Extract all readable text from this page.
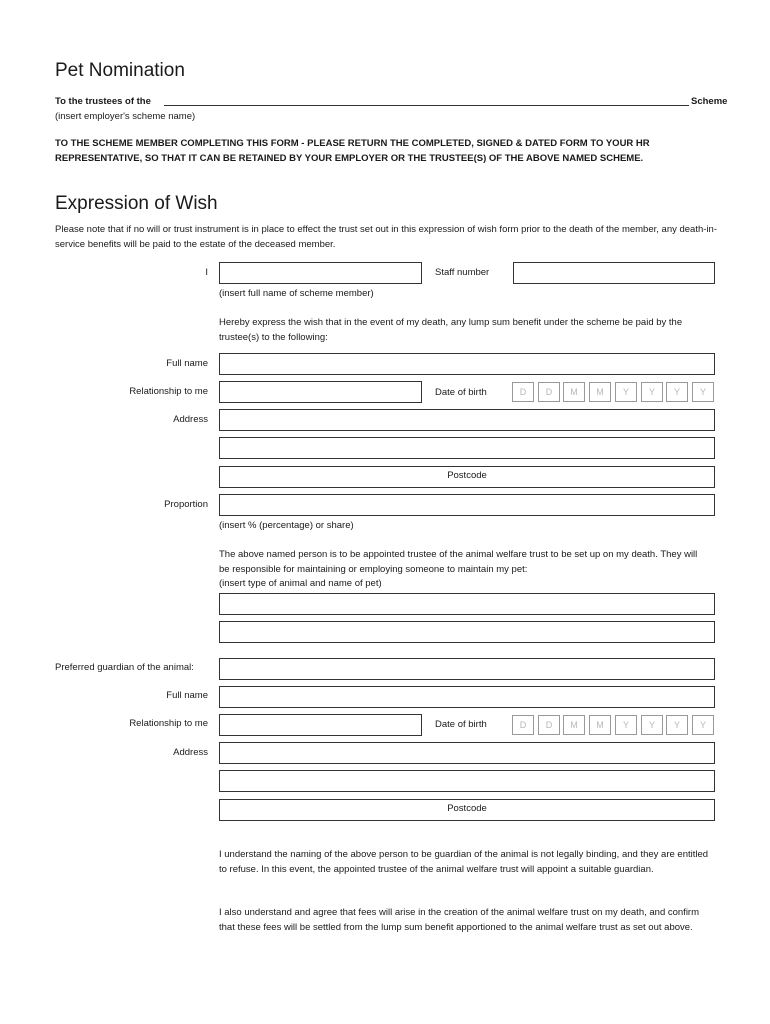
Pet Nomination
To the trustees of the	Scheme
(insert employer's scheme name)
TO THE SCHEME MEMBER COMPLETING THIS FORM - PLEASE RETURN THE COMPLETED, SIGNED & DATED FORM TO YOUR HR REPRESENTATIVE, SO THAT IT CAN BE RETAINED BY YOUR EMPLOYER OR THE TRUSTEE(S) OF THE ABOVE NAMED SCHEME.
Expression of Wish
Please note that if no will or trust instrument is in place to effect the trust set out in this expression of wish form prior to the death of the member, any death-in-service benefits will be paid to the estate of the deceased member.
I	Staff number
(insert full name of scheme member)
Hereby express the wish that in the event of my death, any lump sum benefit under the scheme be paid by the trustee(s) to the following:
Full name
Relationship to me	Date of birth	D	D	M	M	Y	Y	Y	Y
Address
Postcode
Proportion
(insert % (percentage) or share)
The above named person is to be appointed trustee of the animal welfare trust to be set up on my death. They will be responsible for maintaining or employing someone to maintain my pet:
(insert type of animal and name of pet)
Preferred guardian of the animal:
Full name
Relationship to me	Date of birth	D	D	M	M	Y	Y	Y	Y
Address
Postcode
I understand the naming of the above person to be guardian of the animal is not legally binding, and they are entitled to refuse. In this event, the appointed trustee of the animal welfare trust will appoint a suitable guardian.
I also understand and agree that fees will arise in the creation of the animal welfare trust on my death, and confirm that these fees will be settled from the lump sum benefit apportioned to the animal welfare trust as set out above.
